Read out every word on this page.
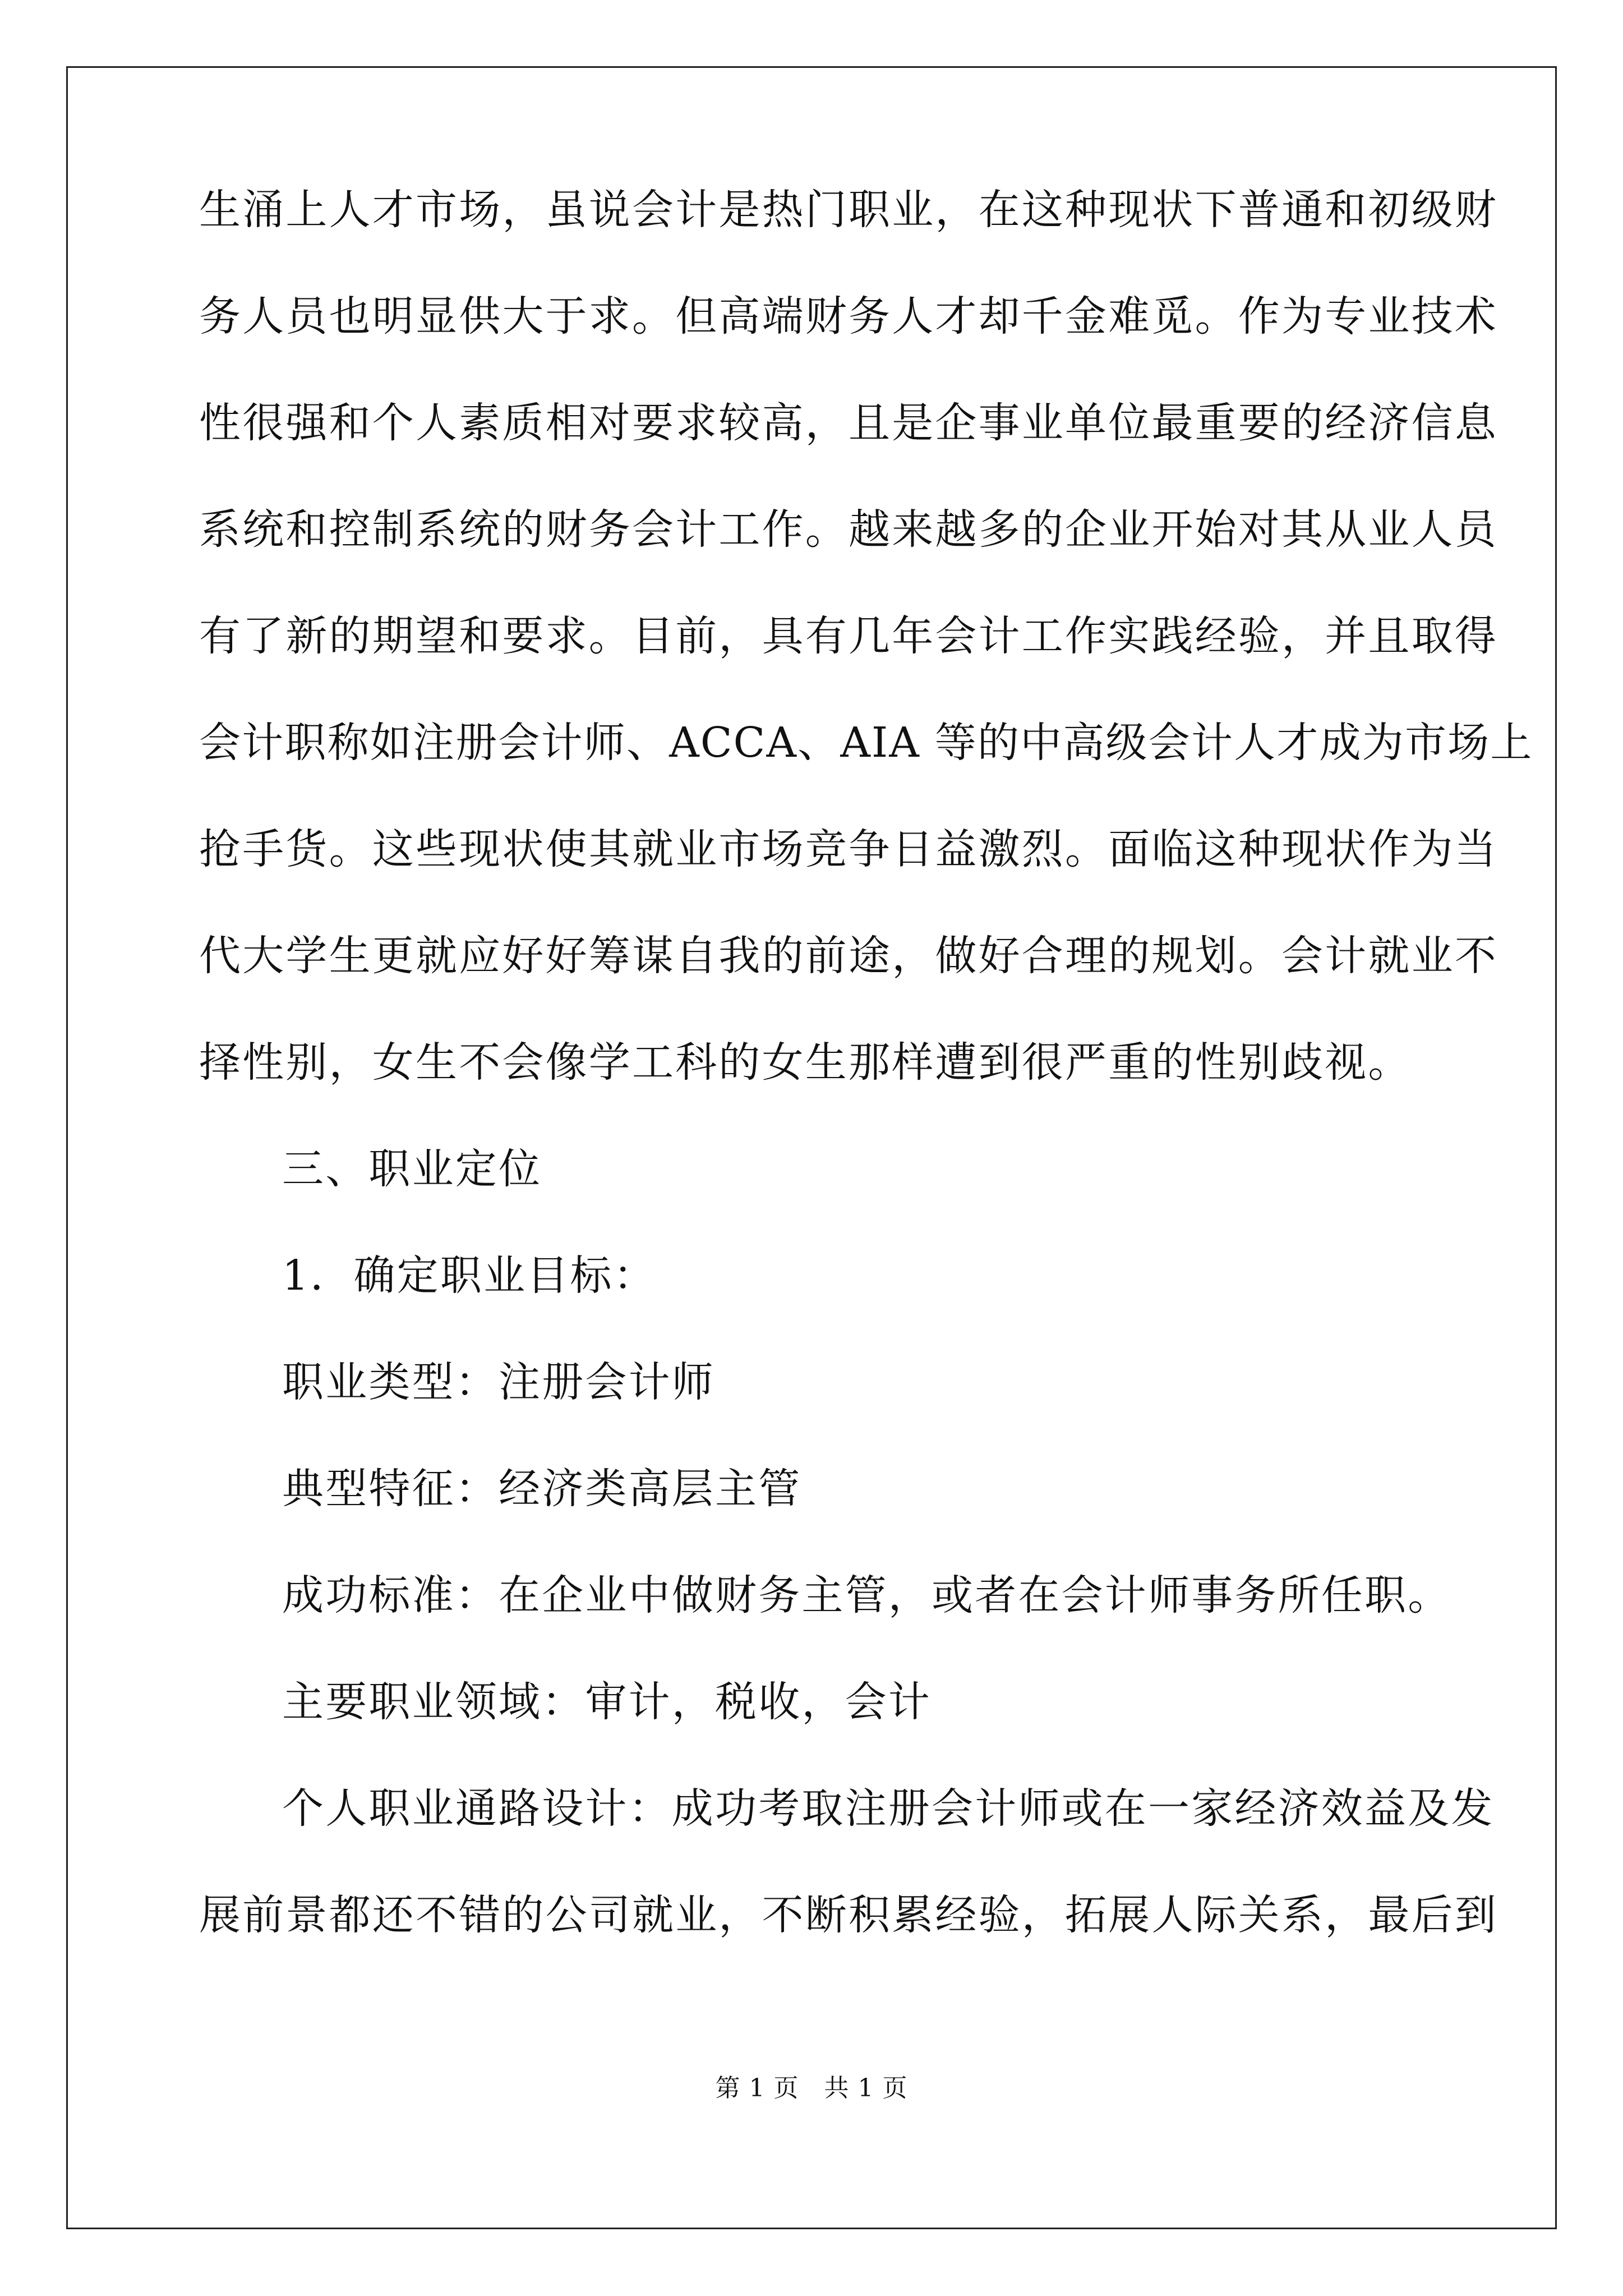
生涌上人才市场，虽说会计是热门职业，在这种现状下普通和初级财
务人员也明显供大于求。但高端财务人才却千金难觅。作为专业技术
性很强和个人素质相对要求较高，且是企事业单位最重要的经济信息
系统和控制系统的财务会计工作。越来越多的企业开始对其从业人员
有了新的期望和要求。目前，具有几年会计工作实践经验，并且取得
会计职称如注册会计师、ACCA、AIA 等的中高级会计人才成为市场上
抢手货。这些现状使其就业市场竞争日益激烈。面临这种现状作为当
代大学生更就应好好筹谋自我的前途，做好合理的规划。会计就业不
择性别，女生不会像学工科的女生那样遭到很严重的性别歧视。
三、职业定位
1．确定职业目标：
职业类型：注册会计师
典型特征：经济类高层主管
成功标准：在企业中做财务主管，或者在会计师事务所任职。
主要职业领域：审计，税收，会计
个人职业通路设计：成功考取注册会计师或在一家经济效益及发
展前景都还不错的公司就业，不断积累经验，拓展人际关系，最后到
第 1 页　共 1 页
